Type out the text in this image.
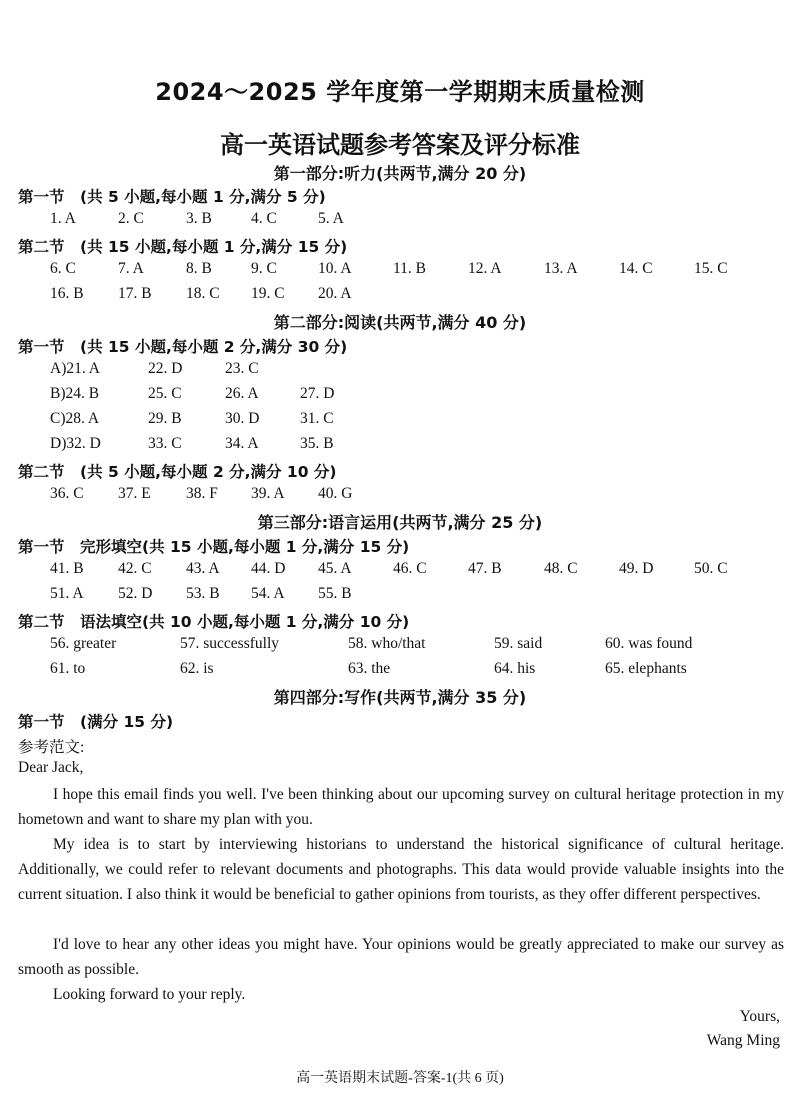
2024～2025 学年度第一学期期末质量检测
高一英语试题参考答案及评分标准
第一部分:听力(共两节,满分 20 分)
第一节　(共 5 小题,每小题 1 分,满分 5 分)
1. A	2. C	3. B	4. C	5. A
第二节　(共 15 小题,每小题 1 分,满分 15 分)
6. C	7. A	8. B	9. C	10. A	11. B	12. A	13. A	14. C	15. C
16. B 17. B 18. C 19. C 20. A
第二部分:阅读(共两节,满分 40 分)
第一节　(共 15 小题,每小题 2 分,满分 30 分)
A)21. A	22. D	23. C
B)24. B	25. C	26. A	27. D
C)28. A	29. B	30. D	31. C
D)32. D	33. C	34. A	35. B
第二节　(共 5 小题,每小题 2 分,满分 10 分)
36. C 37. E 38. F 39. A 40. G
第三部分:语言运用(共两节,满分 25 分)
第一节　完形填空(共 15 小题,每小题 1 分,满分 15 分)
41. B 42. C 43. A 44. D 45. A	46. C	47. B	48. C	49. D	50. C
51. A 52. D 53. B 54. A 55. B
第二节　语法填空(共 10 小题,每小题 1 分,满分 10 分)
56. greater	57. successfully	58. who/that	59. said	60. was found
61. to	62. is	63. the	64. his	65. elephants
第四部分:写作(共两节,满分 35 分)
第一节　(满分 15 分)
参考范文:
Dear Jack,
I hope this email finds you well. I've been thinking about our upcoming survey on cultural heritage protection in my hometown and want to share my plan with you.
My idea is to start by interviewing historians to understand the historical significance of cultural heritage. Additionally, we could refer to relevant documents and photographs. This data would provide valuable insights into the current situation. I also think it would be beneficial to gather opinions from tourists, as they offer different perspectives.
I'd love to hear any other ideas you might have. Your opinions would be greatly appreciated to make our survey as smooth as possible.
Looking forward to your reply.
Yours,
Wang Ming
高一英语期末试题-答案-1(共 6 页)
